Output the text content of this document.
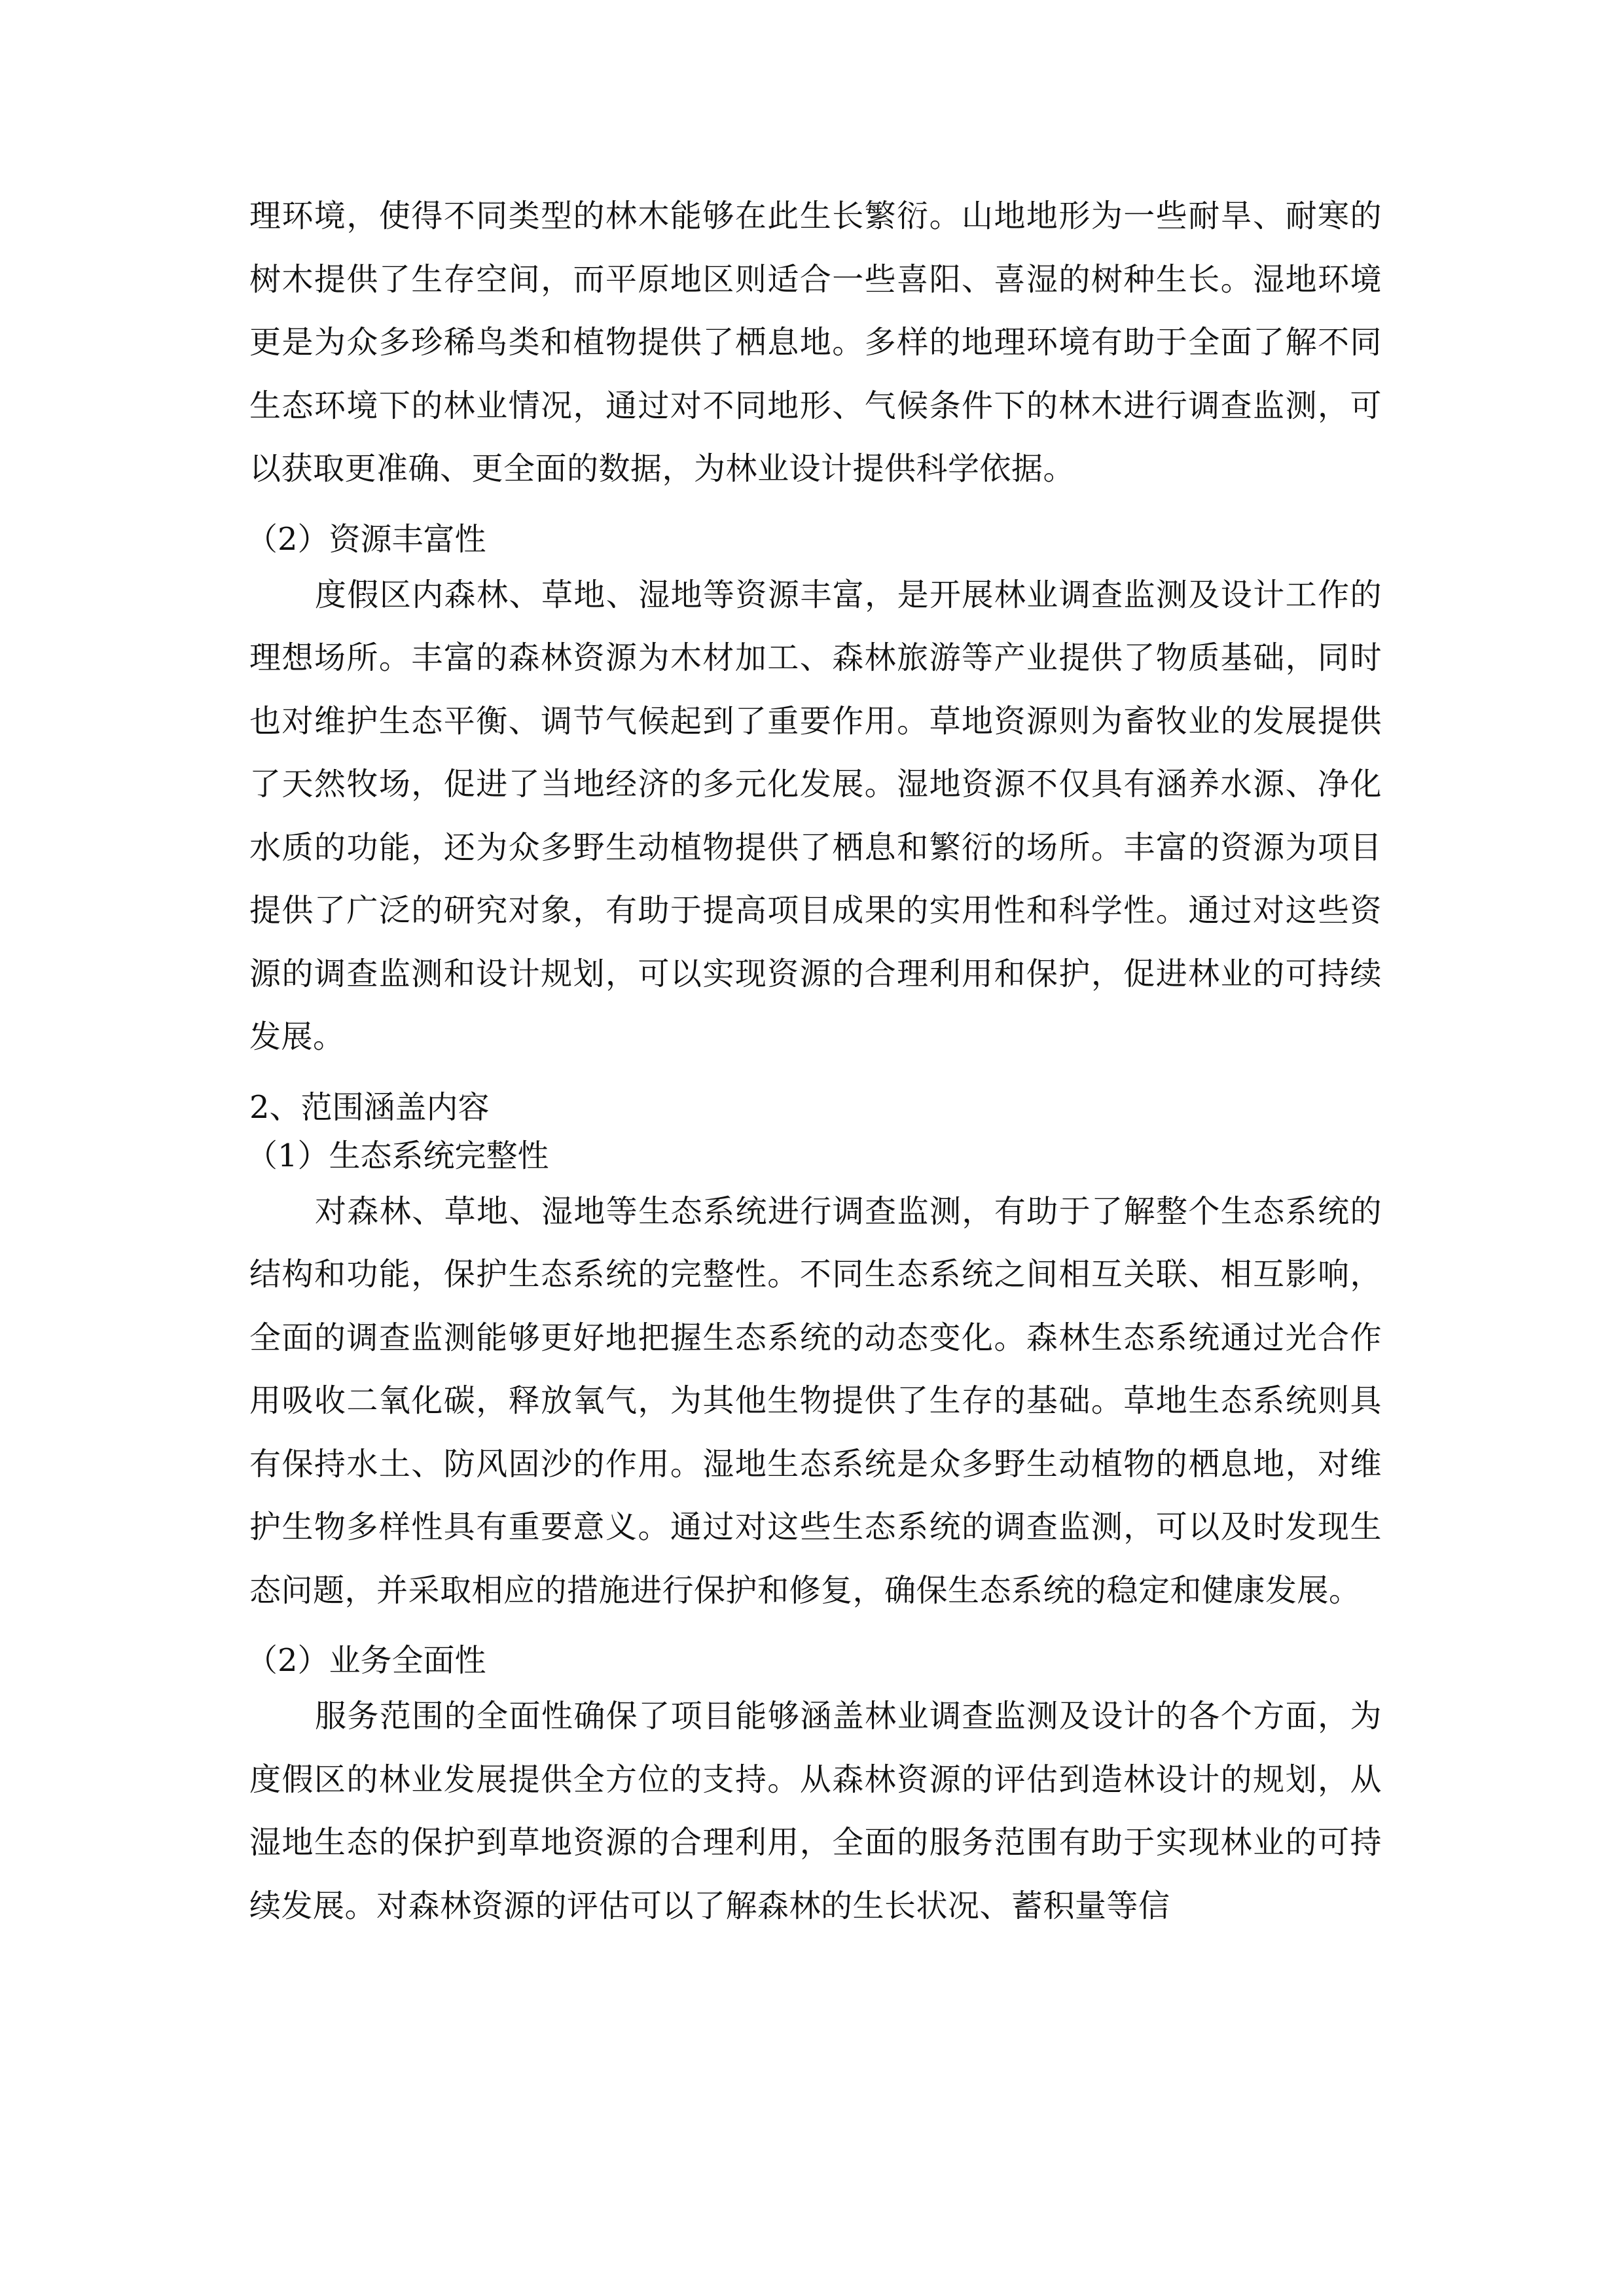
理环境，使得不同类型的林木能够在此生长繁衍。山地地形为一些耐旱、耐寒的树木提供了生存空间，而平原地区则适合一些喜阳、喜湿的树种生长。湿地环境更是为众多珍稀鸟类和植物提供了栖息地。多样的地理环境有助于全面了解不同生态环境下的林业情况，通过对不同地形、气候条件下的林木进行调查监测，可以获取更准确、更全面的数据，为林业设计提供科学依据。

（2）资源丰富性

度假区内森林、草地、湿地等资源丰富，是开展林业调查监测及设计工作的理想场所。丰富的森林资源为木材加工、森林旅游等产业提供了物质基础，同时也对维护生态平衡、调节气候起到了重要作用。草地资源则为畜牧业的发展提供了天然牧场，促进了当地经济的多元化发展。湿地资源不仅具有涵养水源、净化水质的功能，还为众多野生动植物提供了栖息和繁衍的场所。丰富的资源为项目提供了广泛的研究对象，有助于提高项目成果的实用性和科学性。通过对这些资源的调查监测和设计规划，可以实现资源的合理利用和保护，促进林业的可持续发展。

2、范围涵盖内容
（1）生态系统完整性

对森林、草地、湿地等生态系统进行调查监测，有助于了解整个生态系统的结构和功能，保护生态系统的完整性。不同生态系统之间相互关联、相互影响，全面的调查监测能够更好地把握生态系统的动态变化。森林生态系统通过光合作用吸收二氧化碳，释放氧气，为其他生物提供了生存的基础。草地生态系统则具有保持水土、防风固沙的作用。湿地生态系统是众多野生动植物的栖息地，对维护生物多样性具有重要意义。通过对这些生态系统的调查监测，可以及时发现生态问题，并采取相应的措施进行保护和修复，确保生态系统的稳定和健康发展。

（2）业务全面性

服务范围的全面性确保了项目能够涵盖林业调查监测及设计的各个方面，为度假区的林业发展提供全方位的支持。从森林资源的评估到造林设计的规划，从湿地生态的保护到草地资源的合理利用，全面的服务范围有助于实现林业的可持续发展。对森林资源的评估可以了解森林的生长状况、蓄积量等信
